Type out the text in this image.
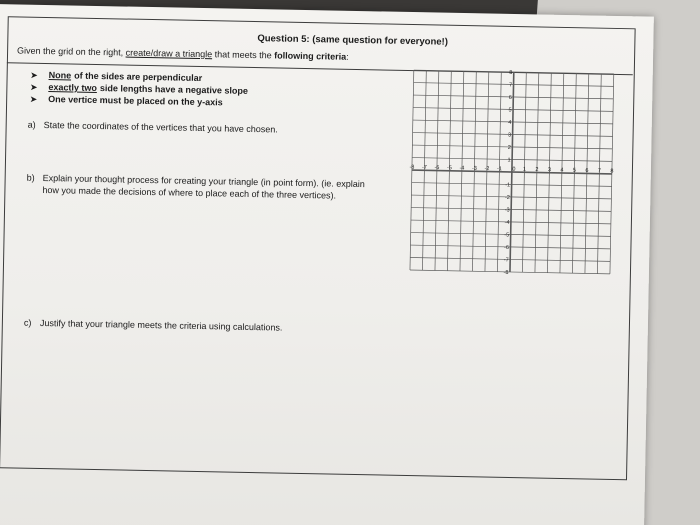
Question 5: (same question for everyone!)
Given the grid on the right, create/draw a triangle that meets the following criteria:
➤	None of the sides are perpendicular
➤	exactly two side lengths have a negative slope
➤	One vertice must be placed on the y-axis
a) State the coordinates of the vertices that you have chosen.
b) Explain your thought process for creating your triangle (in point form). (ie. explain
how you made the decisions of where to place each of the three vertices).
c) Justify that your triangle meets the criteria using calculations.
-8 -7 -6 -5 -4 -3 -2 -1 0 1 2 3 4 5 6 7 8
8
7
6
5
4
3
2
1
-1
-2
-3
-4
-5
-6
-7
-8
